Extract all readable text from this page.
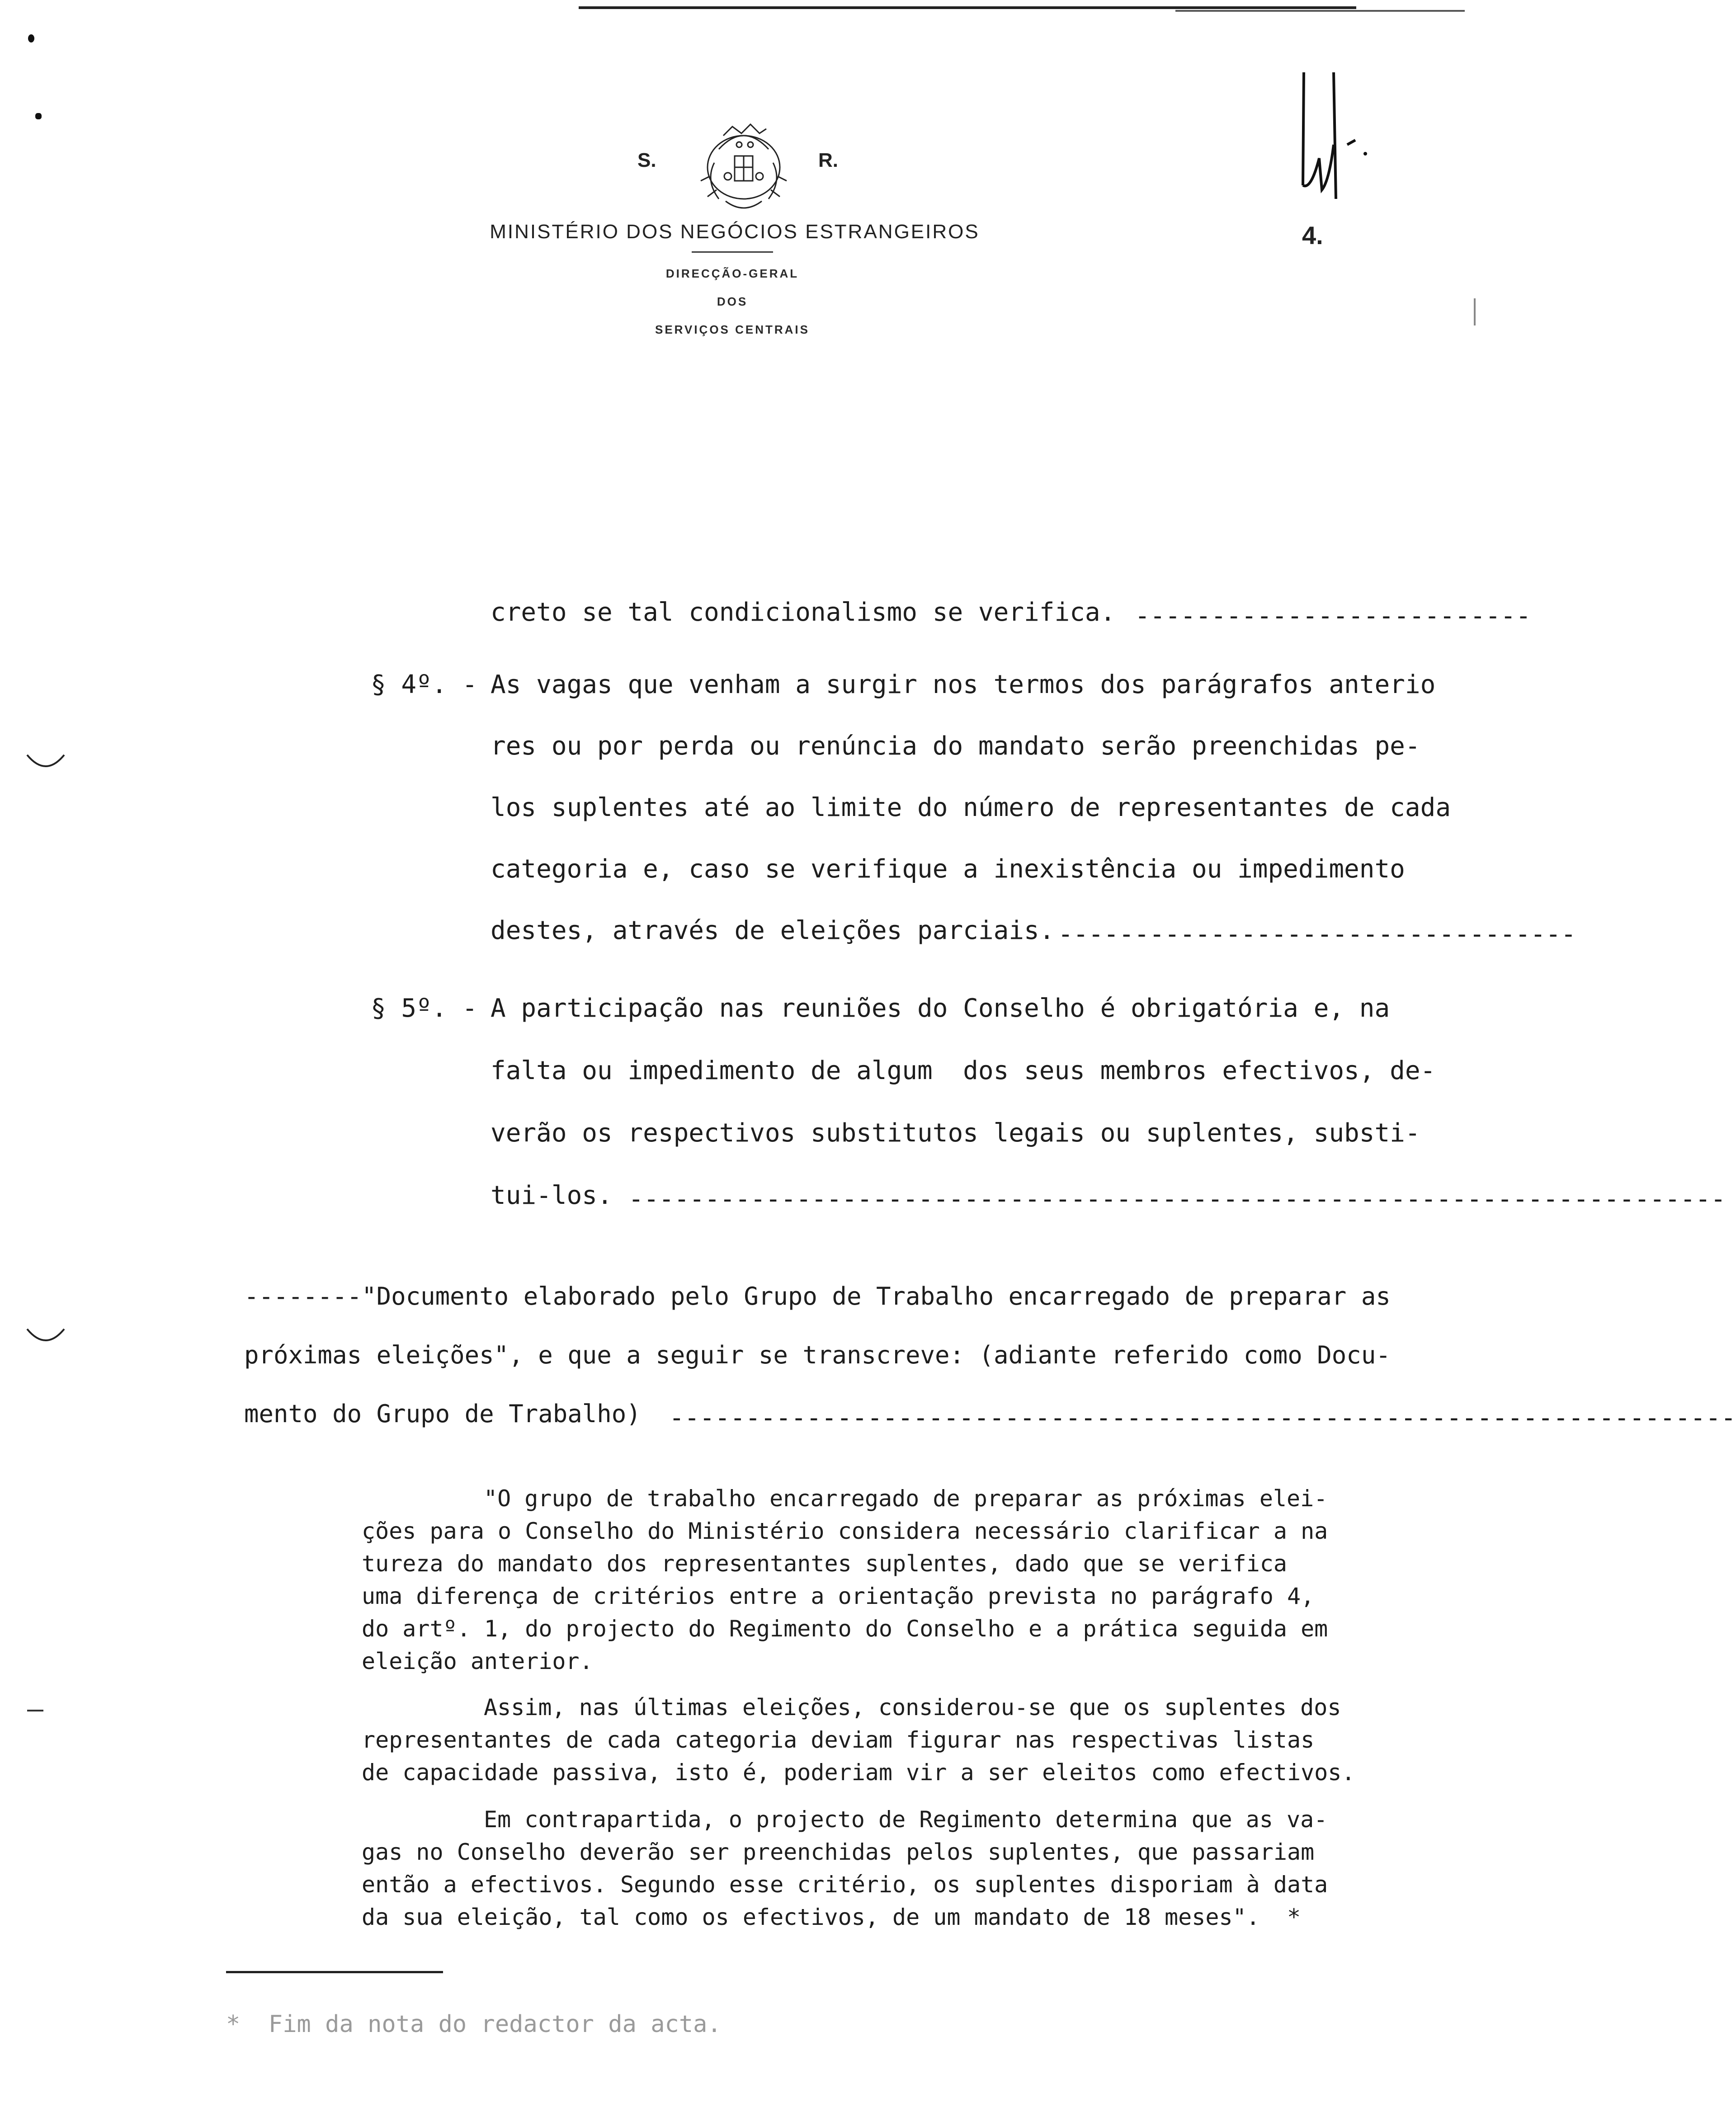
S.	R.
MINISTÉRIO DOS NEGÓCIOS ESTRANGEIROS
DIRECÇÃO-GERAL
DOS
SERVIÇOS CENTRAIS
4.
creto se tal condicionalismo se verifica. --------------------------
§ 4º. - As vagas que venham a surgir nos termos dos parágrafos anterio
res ou por perda ou renúncia do mandato serão preenchidas pe-
los suplentes até ao limite do número de representantes de cada
categoria e, caso se verifique a inexistência ou impedimento
destes, através de eleições parciais. ----------------------------------
§ 5º. - A participação nas reuniões do Conselho é obrigatória e, na
falta ou impedimento de algum  dos seus membros efectivos, de-
verão os respectivos substitutos legais ou suplentes, substi-
tui-los. ------------------------------------------------------------------------
--------"Documento elaborado pelo Grupo de Trabalho encarregado de preparar as
próximas eleições", e que a seguir se transcreve: (adiante referido como Docu-
mento do Grupo de Trabalho) ----------------------------------------------------------------------
"O grupo de trabalho encarregado de preparar as próximas elei-
ções para o Conselho do Ministério considera necessário clarificar a na
tureza do mandato dos representantes suplentes, dado que se verifica
uma diferença de critérios entre a orientação prevista no parágrafo 4,
do artº. 1, do projecto do Regimento do Conselho e a prática seguida em
eleição anterior.
Assim, nas últimas eleições, considerou-se que os suplentes dos
representantes de cada categoria deviam figurar nas respectivas listas
de capacidade passiva, isto é, poderiam vir a ser eleitos como efectivos.
Em contrapartida, o projecto de Regimento determina que as va-
gas no Conselho deverão ser preenchidas pelos suplentes, que passariam
então a efectivos. Segundo esse critério, os suplentes disporiam à data
da sua eleição, tal como os efectivos, de um mandato de 18 meses".  *
*  Fim da nota do redactor da acta.
